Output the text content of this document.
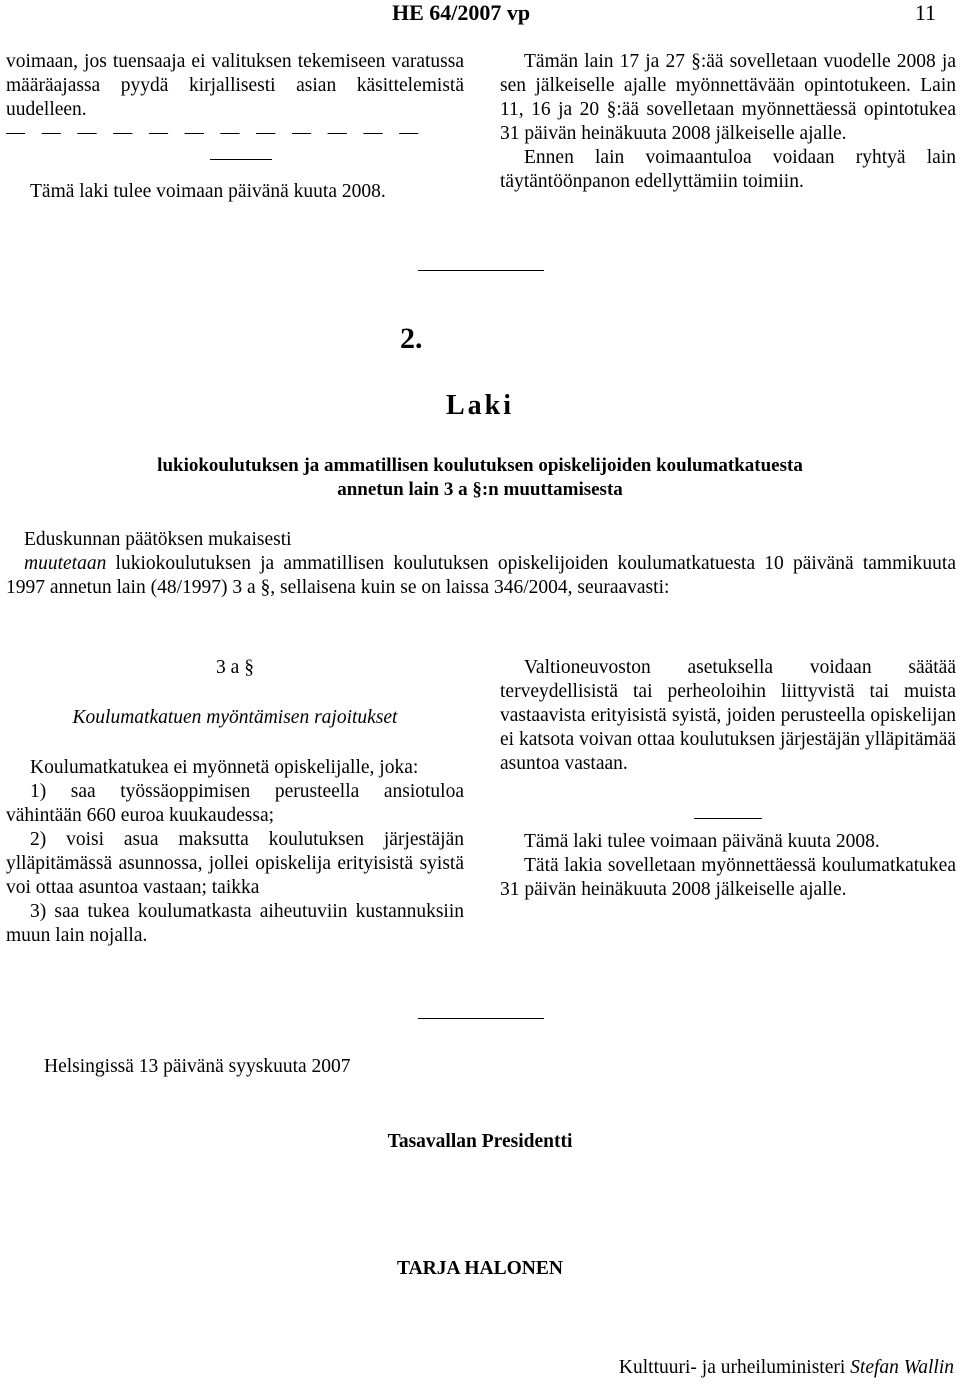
HE 64/2007 vp	11

voimaan, jos tuensaaja ei valituksen tekemiseen varatussa määräajassa pyydä kirjallisesti asian käsittelemistä uudelleen.

— — — — — — — — — — — —

Tämä laki tulee voimaan päivänä kuuta 2008.

Tämän lain 17 ja 27 §:ää sovelletaan vuodelle 2008 ja sen jälkeiselle ajalle myönnettävään opintotukeen. Lain 11, 16 ja 20 §:ää sovelletaan myönnettäessä opintotukea 31 päivän heinäkuuta 2008 jälkeiselle ajalle.

Ennen lain voimaantuloa voidaan ryhtyä lain täytäntöönpanon edellyttämiin toimiin.

2.
Laki
lukiokoulutuksen ja ammatillisen koulutuksen opiskelijoiden koulumatkatuesta
annetun lain 3 a §:n muuttamisesta

Eduskunnan päätöksen mukaisesti

muutetaan lukiokoulutuksen ja ammatillisen koulutuksen opiskelijoiden koulumatkatuesta 10 päivänä tammikuuta 1997 annetun lain (48/1997) 3 a §, sellaisena kuin se on laissa 346/2004, seuraavasti:

3 a §
Koulumatkatuen myöntämisen rajoitukset

Koulumatkatukea ei myönnetä opiskelijalle, joka:

1) saa työssäoppimisen perusteella ansiotuloa vähintään 660 euroa kuukaudessa;

2) voisi asua maksutta koulutuksen järjestäjän ylläpitämässä asunnossa, jollei opiskelija erityisistä syistä voi ottaa asuntoa vastaan; taikka

3) saa tukea koulumatkasta aiheutuviin kustannuksiin muun lain nojalla.

Valtioneuvoston asetuksella voidaan säätää terveydellisistä tai perheoloihin liittyvistä tai muista vastaavista erityisistä syistä, joiden perusteella opiskelijan ei katsota voivan ottaa koulutuksen järjestäjän ylläpitämää asuntoa vastaan.

Tämä laki tulee voimaan päivänä kuuta 2008.

Tätä lakia sovelletaan myönnettäessä koulumatkatukea 31 päivän heinäkuuta 2008 jälkeiselle ajalle.

Helsingissä 13 päivänä syyskuuta 2007
Tasavallan Presidentti
TARJA HALONEN
Kulttuuri- ja urheiluministeri Stefan Wallin
